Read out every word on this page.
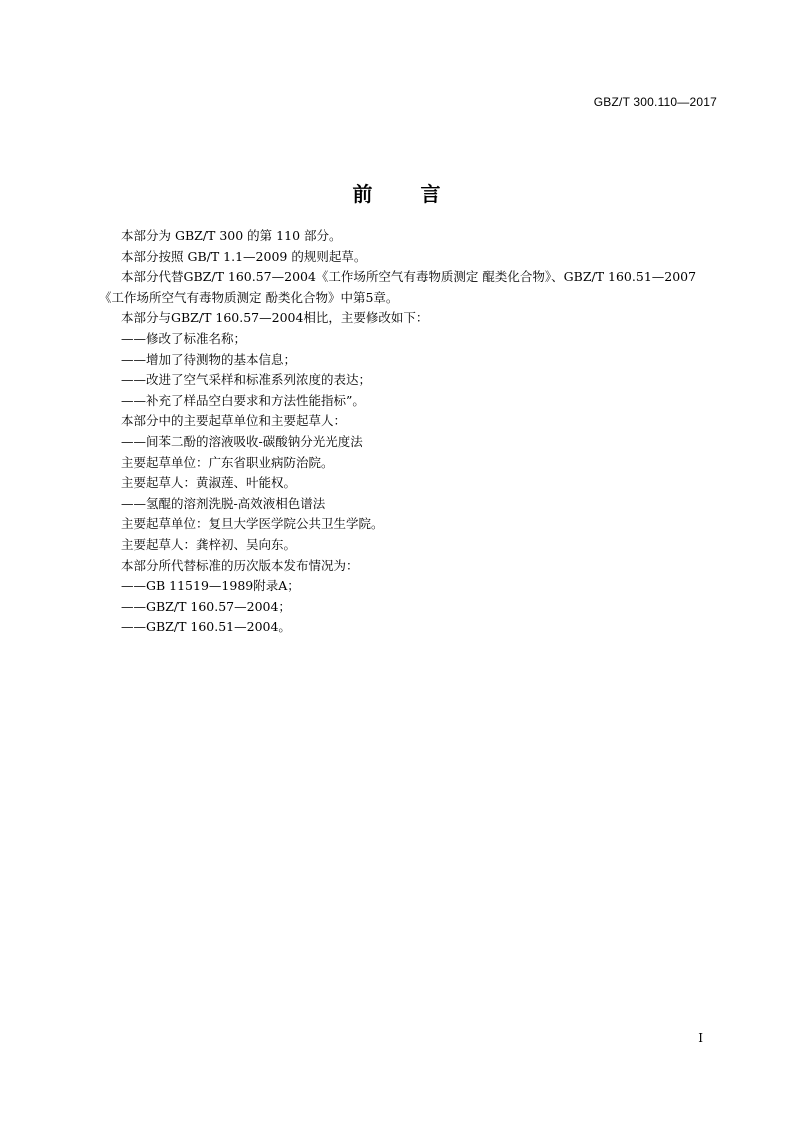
GBZ/T 300.110—2017
前 言
本部分为 GBZ/T 300 的第 110 部分。
本部分按照 GB/T 1.1—2009 的规则起草。
本部分代替GBZ/T 160.57—2004《工作场所空气有毒物质测定 醌类化合物》、GBZ/T 160.51—2007
《工作场所空气有毒物质测定 酚类化合物》中第5章。
本部分与GBZ/T 160.57—2004相比，主要修改如下：
——修改了标准名称；
——增加了待测物的基本信息；
——改进了空气采样和标准系列浓度的表达；
——补充了样品空白要求和方法性能指标”。
本部分中的主要起草单位和主要起草人：
——间苯二酚的溶液吸收-碳酸钠分光光度法
主要起草单位：广东省职业病防治院。
主要起草人：黄淑莲、叶能权。
——氢醌的溶剂洗脱-高效液相色谱法
主要起草单位：复旦大学医学院公共卫生学院。
主要起草人：龚梓初、吴向东。
本部分所代替标准的历次版本发布情况为：
——GB 11519—1989附录A；
——GBZ/T 160.57—2004；
——GBZ/T 160.51—2004。
I
